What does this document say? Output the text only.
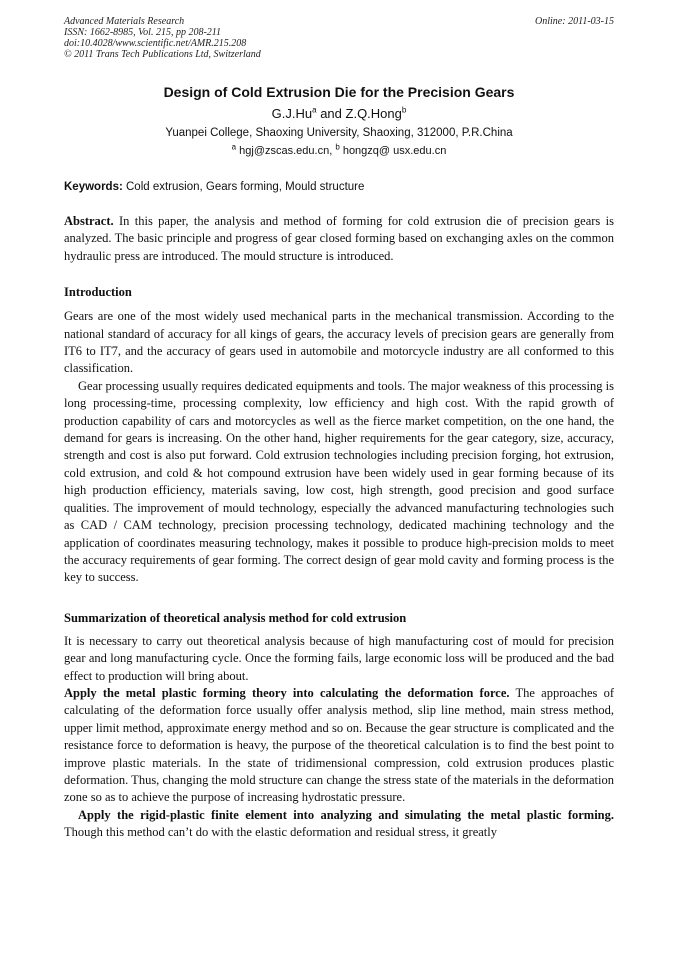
Advanced Materials Research
ISSN: 1662-8985, Vol. 215, pp 208-211
doi:10.4028/www.scientific.net/AMR.215.208
© 2011 Trans Tech Publications Ltd, Switzerland
Online: 2011-03-15
Design of Cold Extrusion Die for the Precision Gears
G.J.Hu$^a$ and Z.Q.Hong$^b$
Yuanpei College, Shaoxing University, Shaoxing, 312000, P.R.China
$^a$ hgj@zscas.edu.cn, $^b$ hongzq@ usx.edu.cn
Keywords: Cold extrusion, Gears forming, Mould structure

Abstract. In this paper, the analysis and method of forming for cold extrusion die of precision gears is analyzed. The basic principle and progress of gear closed forming based on exchanging axles on the common hydraulic press are introduced. The mould structure is introduced.

Introduction

Gears are one of the most widely used mechanical parts in the mechanical transmission. According to the national standard of accuracy for all kings of gears, the accuracy levels of precision gears are generally from IT6 to IT7, and the accuracy of gears used in automobile and motorcycle industry are all conformed to this classification.

Gear processing usually requires dedicated equipments and tools. The major weakness of this processing is long processing-time, processing complexity, low efficiency and high cost. With the rapid growth of production capability of cars and motorcycles as well as the fierce market competition, on the one hand, the demand for gears is increasing. On the other hand, higher requirements for the gear category, size, accuracy, strength and cost is also put forward. Cold extrusion technologies including precision forging, hot extrusion, cold extrusion, and cold & hot compound extrusion have been widely used in gear forming because of its high production efficiency, materials saving, low cost, high strength, good precision and good surface qualities. The improvement of mould technology, especially the advanced manufacturing technologies such as CAD / CAM technology, precision processing technology, dedicated machining technology and the application of coordinates measuring technology, makes it possible to produce high-precision molds to meet the accuracy requirements of gear forming. The correct design of gear mold cavity and forming process is the key to success.

Summarization of theoretical analysis method for cold extrusion

It is necessary to carry out theoretical analysis because of high manufacturing cost of mould for precision gear and long manufacturing cycle. Once the forming fails, large economic loss will be produced and the bad effect to production will bring about.

Apply the metal plastic forming theory into calculating the deformation force. The approaches of calculating of the deformation force usually offer analysis method, slip line method, main stress method, upper limit method, approximate energy method and so on. Because the gear structure is complicated and the resistance force to deformation is heavy, the purpose of the theoretical calculation is to find the best point to improve plastic materials. In the state of tridimensional compression, cold extrusion produces plastic deformation. Thus, changing the mold structure can change the stress state of the materials in the deformation zone so as to achieve the purpose of increasing hydrostatic pressure.

Apply the rigid-plastic finite element into analyzing and simulating the metal plastic forming. Though this method can’t do with the elastic deformation and residual stress, it greatly
